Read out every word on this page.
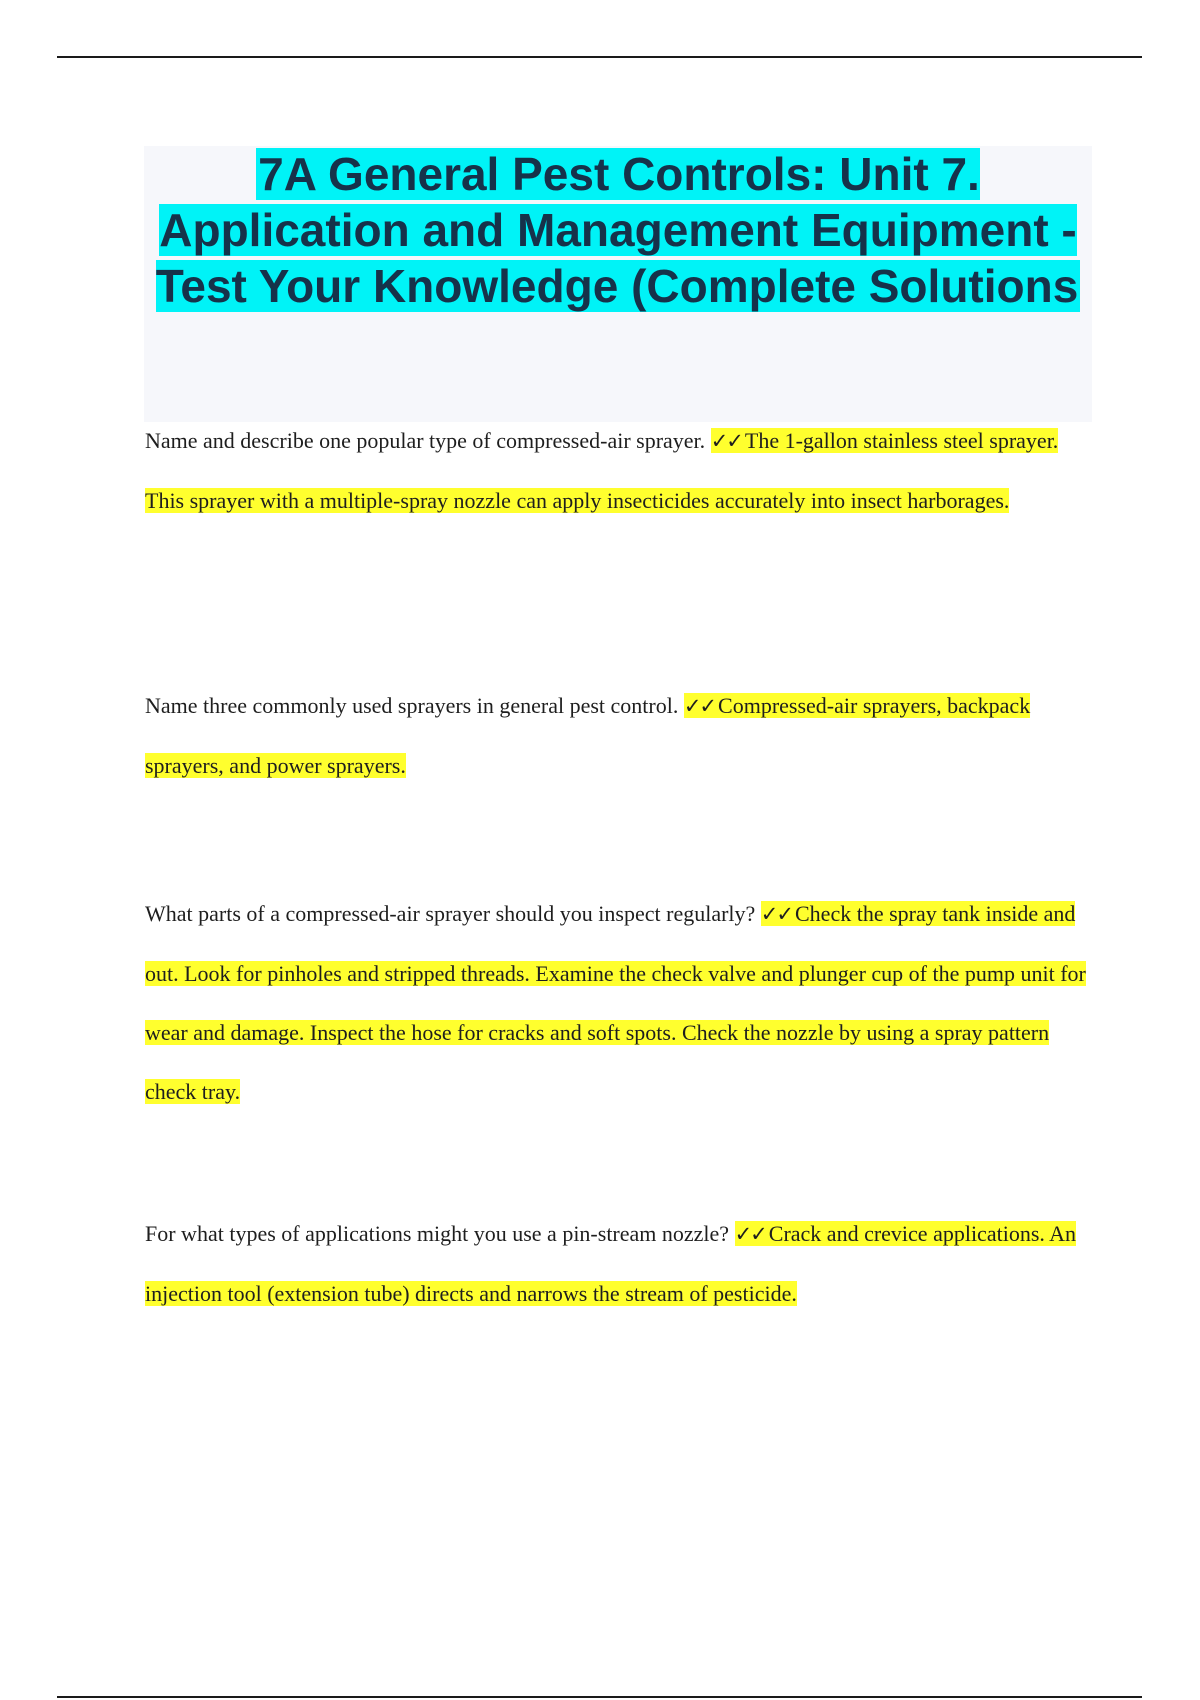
7A General Pest Controls: Unit 7. Application and Management Equipment - Test Your Knowledge (Complete Solutions

Name and describe one popular type of compressed-air sprayer. ✓✓ The 1-gallon stainless steel sprayer. This sprayer with a multiple-spray nozzle can apply insecticides accurately into insect harborages.

Name three commonly used sprayers in general pest control. ✓✓ Compressed-air sprayers, backpack sprayers, and power sprayers.

What parts of a compressed-air sprayer should you inspect regularly? ✓✓ Check the spray tank inside and out. Look for pinholes and stripped threads. Examine the check valve and plunger cup of the pump unit for wear and damage. Inspect the hose for cracks and soft spots. Check the nozzle by using a spray pattern check tray.

For what types of applications might you use a pin-stream nozzle? ✓✓ Crack and crevice applications. An injection tool (extension tube) directs and narrows the stream of pesticide.
